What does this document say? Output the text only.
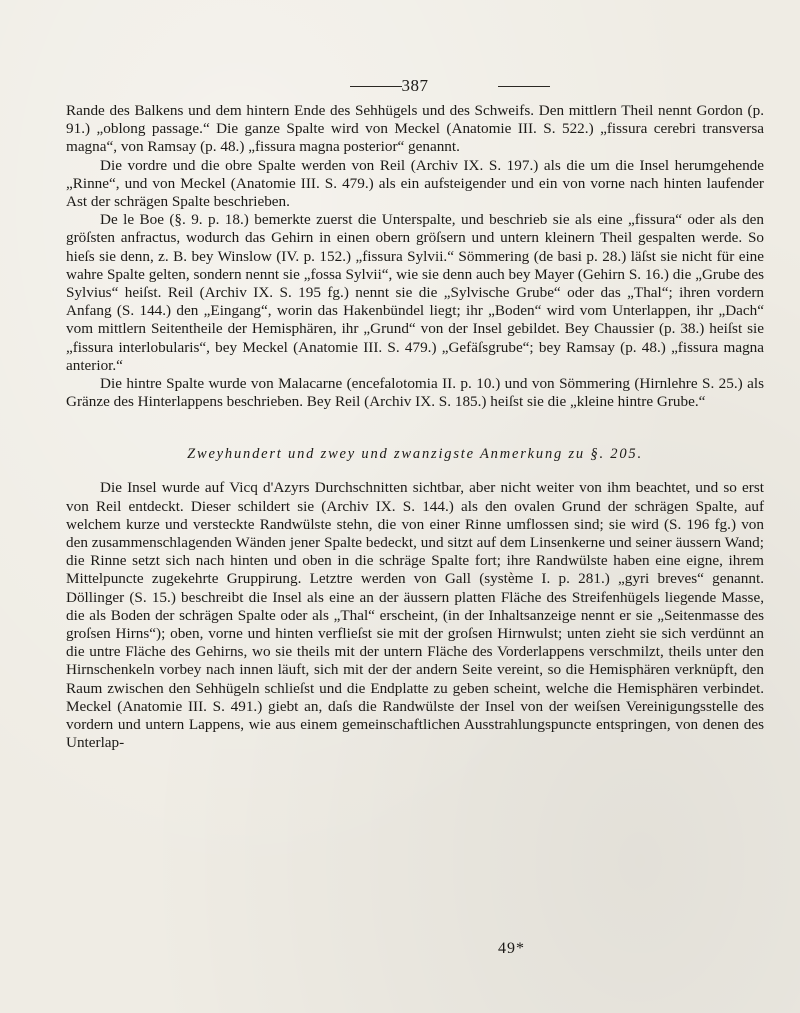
387

Rande des Balkens und dem hintern Ende des Sehhügels und des Schweifs. Den mittlern Theil nennt Gordon (p. 91.) „oblong passage.“ Die ganze Spalte wird von Meckel (Anatomie III. S. 522.) „fissura cerebri transversa magna“, von Ramsay (p. 48.) „fissura magna posterior“ genannt.

Die vordre und die obre Spalte werden von Reil (Archiv IX. S. 197.) als die um die Insel herumgehende „Rinne“, und von Meckel (Anatomie III. S. 479.) als ein aufsteigender und ein von vorne nach hinten laufender Ast der schrägen Spalte beschrieben.

De le Boe (§. 9. p. 18.) bemerkte zuerst die Unterspalte, und beschrieb sie als eine „fissura“ oder als den gröſsten anfractus, wodurch das Gehirn in einen obern gröſsern und untern kleinern Theil gespalten werde. So hieſs sie denn, z. B. bey Winslow (IV. p. 152.) „fissura Sylvii.“ Sömmering (de basi p. 28.) läſst sie nicht für eine wahre Spalte gelten, sondern nennt sie „fossa Sylvii“, wie sie denn auch bey Mayer (Gehirn S. 16.) die „Grube des Sylvius“ heiſst. Reil (Archiv IX. S. 195 fg.) nennt sie die „Sylvische Grube“ oder das „Thal“; ihren vordern Anfang (S. 144.) den „Eingang“, worin das Hakenbündel liegt; ihr „Boden“ wird vom Unterlappen, ihr „Dach“ vom mittlern Seitentheile der Hemisphären, ihr „Grund“ von der Insel gebildet. Bey Chaussier (p. 38.) heiſst sie „fissura interlobularis“, bey Meckel (Anatomie III. S. 479.) „Gefäſsgrube“; bey Ramsay (p. 48.) „fissura magna anterior.“

Die hintre Spalte wurde von Malacarne (encefalotomia II. p. 10.) und von Sömmering (Hirnlehre S. 25.) als Gränze des Hinterlappens beschrieben. Bey Reil (Archiv IX. S. 185.) heiſst sie die „kleine hintre Grube.“

Zweyhundert und zwey und zwanzigste Anmerkung zu §. 205.

Die Insel wurde auf Vicq d'Azyrs Durchschnitten sichtbar, aber nicht weiter von ihm beachtet, und so erst von Reil entdeckt. Dieser schildert sie (Archiv IX. S. 144.) als den ovalen Grund der schrägen Spalte, auf welchem kurze und versteckte Randwülste stehn, die von einer Rinne umflossen sind; sie wird (S. 196 fg.) von den zusammenschlagenden Wänden jener Spalte bedeckt, und sitzt auf dem Linsenkerne und seiner äussern Wand; die Rinne setzt sich nach hinten und oben in die schräge Spalte fort; ihre Randwülste haben eine eigne, ihrem Mittelpuncte zugekehrte Gruppirung. Letztre werden von Gall (système I. p. 281.) „gyri breves“ genannt. Döllinger (S. 15.) beschreibt die Insel als eine an der äussern platten Fläche des Streifenhügels liegende Masse, die als Boden der schrägen Spalte oder als „Thal“ erscheint, (in der Inhaltsanzeige nennt er sie „Seitenmasse des groſsen Hirns“); oben, vorne und hinten verflieſst sie mit der groſsen Hirnwulst; unten zieht sie sich verdünnt an die untre Fläche des Gehirns, wo sie theils mit der untern Fläche des Vorderlappens verschmilzt, theils unter den Hirnschenkeln vorbey nach innen läuft, sich mit der der andern Seite vereint, so die Hemisphären verknüpft, den Raum zwischen den Sehhügeln schlieſst und die Endplatte zu geben scheint, welche die Hemisphären verbindet. Meckel (Anatomie III. S. 491.) giebt an, daſs die Randwülste der Insel von der weiſsen Vereinigungsstelle des vordern und untern Lappens, wie aus einem gemeinschaftlichen Ausstrahlungspuncte entspringen, von denen des Unterlap-

49*
